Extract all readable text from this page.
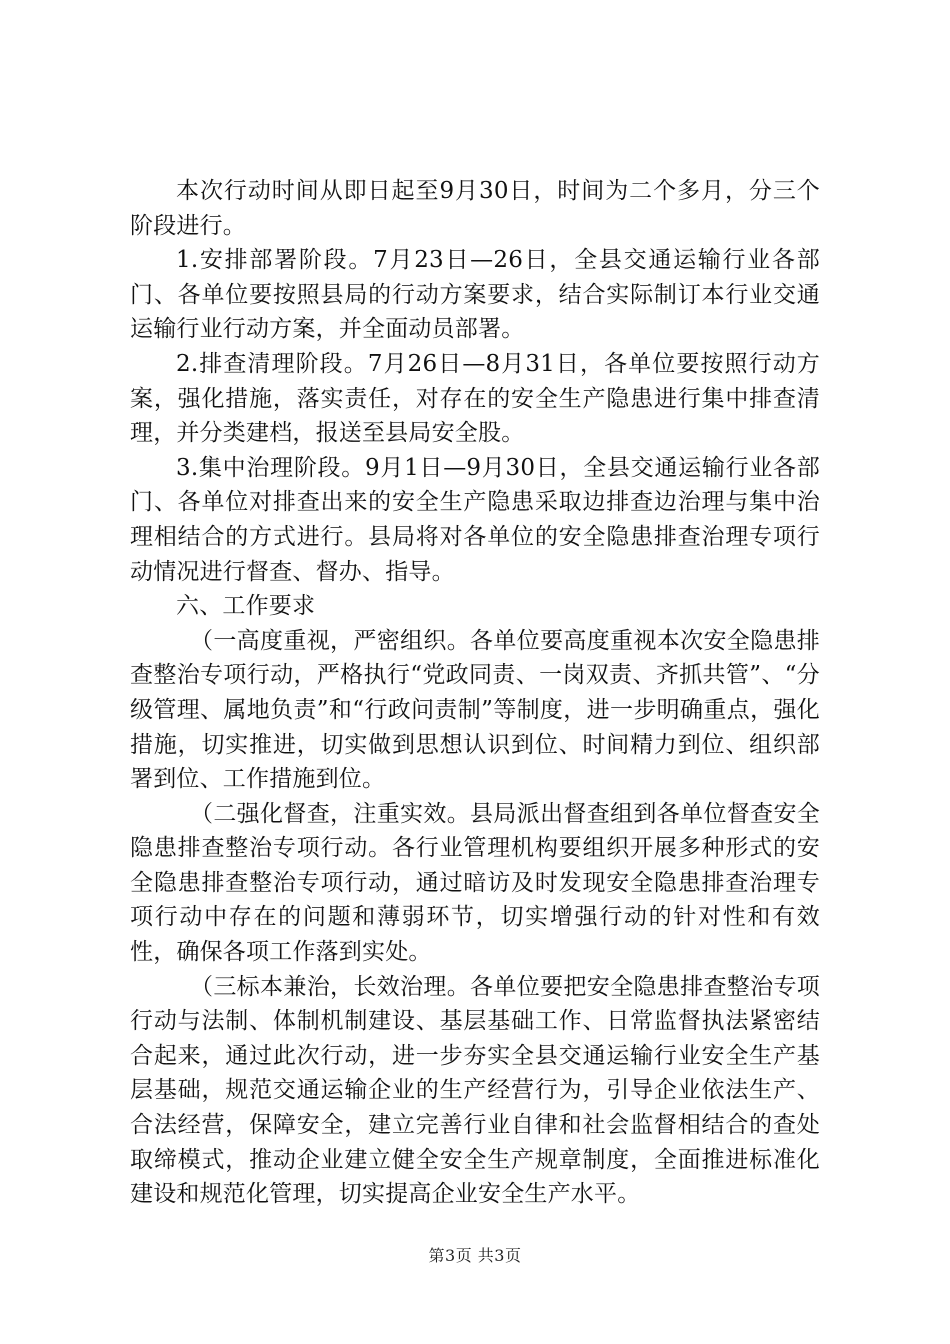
本次行动时间从即日起至9月30日，时间为二个多月，分三个阶段进行。

1.安排部署阶段。7月23日—26日，全县交通运输行业各部门、各单位要按照县局的行动方案要求，结合实际制订本行业交通运输行业行动方案，并全面动员部署。

2.排查清理阶段。7月26日—8月31日，各单位要按照行动方案，强化措施，落实责任，对存在的安全生产隐患进行集中排查清理，并分类建档，报送至县局安全股。

3.集中治理阶段。9月1日—9月30日，全县交通运输行业各部门、各单位对排查出来的安全生产隐患采取边排查边治理与集中治理相结合的方式进行。县局将对各单位的安全隐患排查治理专项行动情况进行督查、督办、指导。

六、工作要求

（一高度重视，严密组织。各单位要高度重视本次安全隐患排查整治专项行动，严格执行“党政同责、一岗双责、齐抓共管”、“分级管理、属地负责”和“行政问责制”等制度，进一步明确重点，强化措施，切实推进，切实做到思想认识到位、时间精力到位、组织部署到位、工作措施到位。

（二强化督查，注重实效。县局派出督查组到各单位督查安全隐患排查整治专项行动。各行业管理机构要组织开展多种形式的安全隐患排查整治专项行动，通过暗访及时发现安全隐患排查治理专项行动中存在的问题和薄弱环节，切实增强行动的针对性和有效性，确保各项工作落到实处。

（三标本兼治，长效治理。各单位要把安全隐患排查整治专项行动与法制、体制机制建设、基层基础工作、日常监督执法紧密结合起来，通过此次行动，进一步夯实全县交通运输行业安全生产基层基础，规范交通运输企业的生产经营行为，引导企业依法生产、合法经营，保障安全，建立完善行业自律和社会监督相结合的查处取缔模式，推动企业建立健全安全生产规章制度，全面推进标准化建设和规范化管理，切实提高企业安全生产水平。

第3页 共3页
